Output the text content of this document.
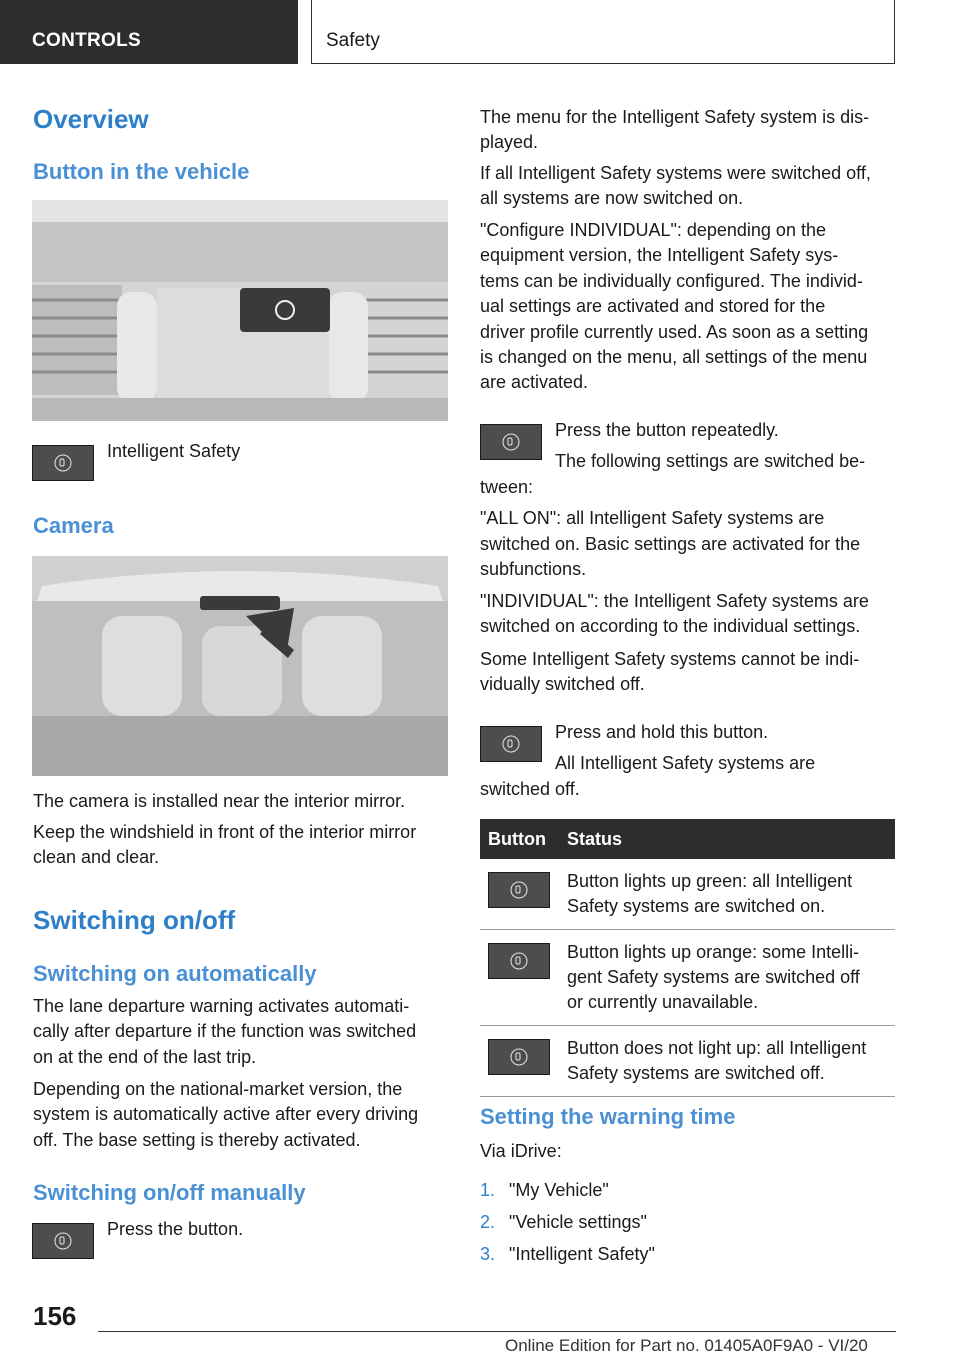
CONTROLS	Safety
Overview
Button in the vehicle
Intelligent Safety
Camera
The camera is installed near the interior mirror.
Keep the windshield in front of the interior mirror
clean and clear.
Switching on/off
Switching on automatically
The lane departure warning activates automati-
cally after departure if the function was switched
on at the end of the last trip.
Depending on the national-market version, the
system is automatically active after every driving
off. The base setting is thereby activated.
Switching on/off manually
Press the button.
The menu for the Intelligent Safety system is dis-
played.
If all Intelligent Safety systems were switched off,
all systems are now switched on.
"Configure INDIVIDUAL": depending on the
equipment version, the Intelligent Safety sys-
tems can be individually configured. The individ-
ual settings are activated and stored for the
driver profile currently used. As soon as a setting
is changed on the menu, all settings of the menu
are activated.
Press the button repeatedly.
The following settings are switched be-
tween:
"ALL ON": all Intelligent Safety systems are
switched on. Basic settings are activated for the
subfunctions.
"INDIVIDUAL": the Intelligent Safety systems are
switched on according to the individual settings.
Some Intelligent Safety systems cannot be indi-
vidually switched off.
Press and hold this button.
All Intelligent Safety systems are
switched off.
Button	Status

	Button lights up green: all Intelligent
Safety systems are switched on.

	Button lights up orange: some Intelli-
gent Safety systems are switched off
or currently unavailable.

	Button does not light up: all Intelligent
Safety systems are switched off.
Setting the warning time
Via iDrive:
1. "My Vehicle"
2. "Vehicle settings"
3. "Intelligent Safety"
156
Online Edition for Part no. 01405A0F9A0 - VI/20
